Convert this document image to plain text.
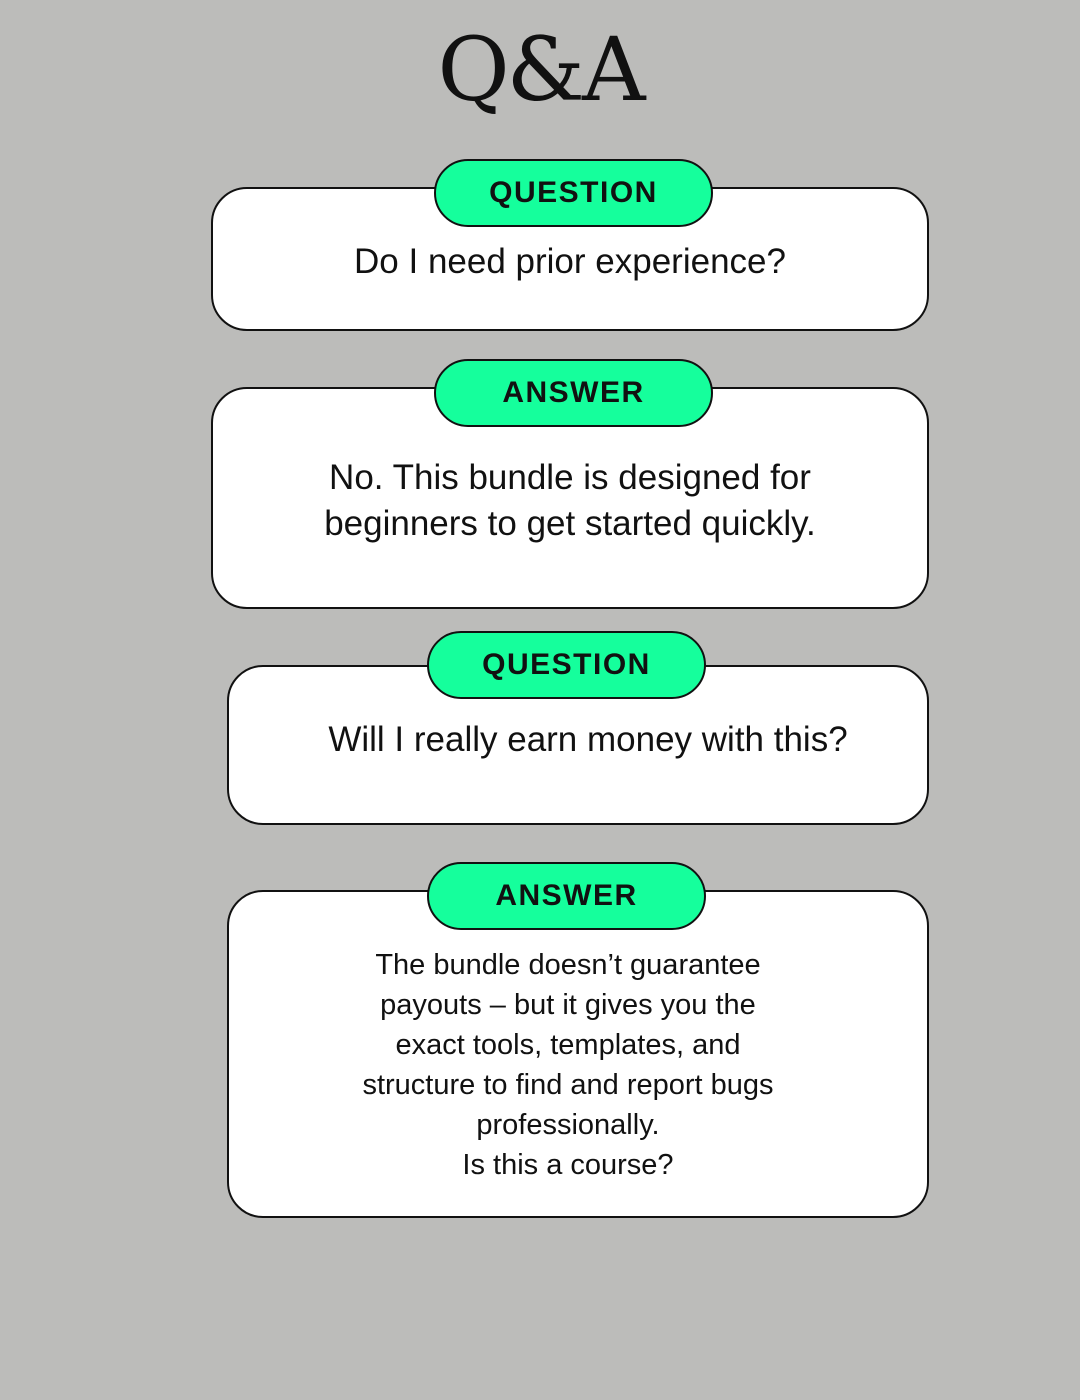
Q&A
Do I need prior experience?
QUESTION
No. This bundle is designed for
beginners to get started quickly.
ANSWER
Will I really earn money with this?
QUESTION
The bundle doesn’t guarantee
payouts – but it gives you the
exact tools, templates, and
structure to find and report bugs
professionally.
Is this a course?
ANSWER
